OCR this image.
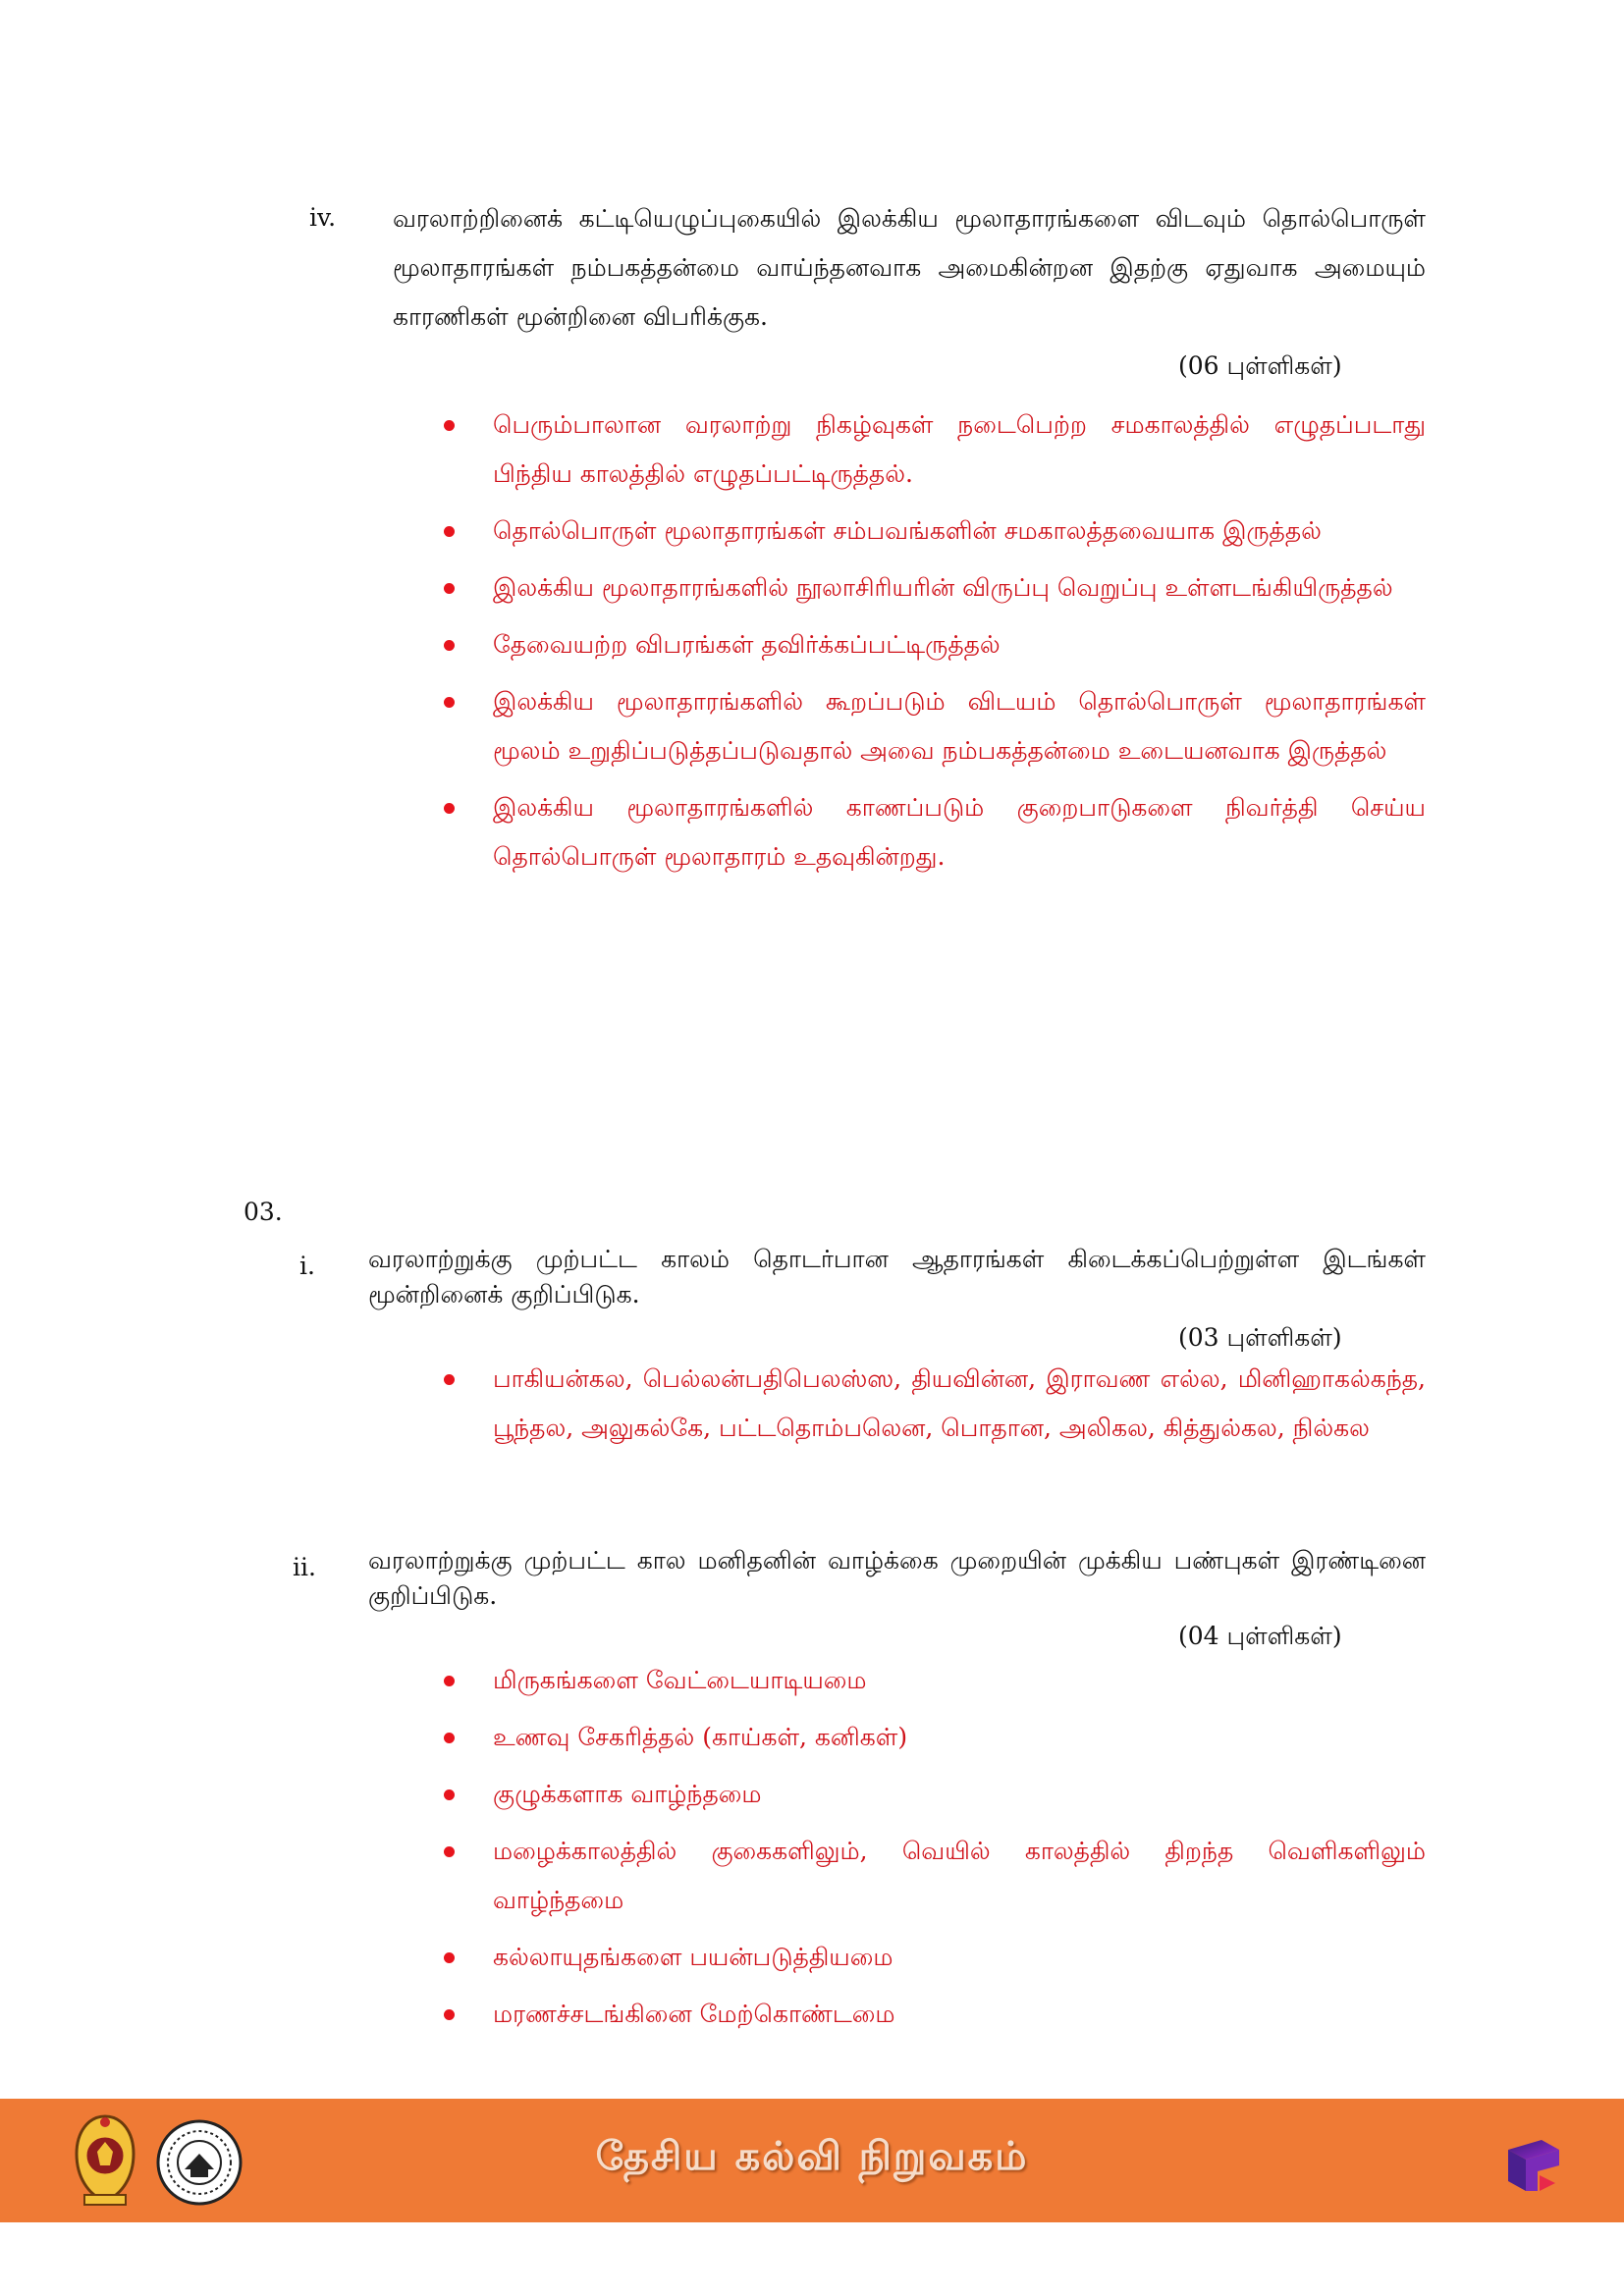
iv. வரலாற்றினைக் கட்டியெழுப்புகையில் இலக்கிய மூலாதாரங்களை விடவும் தொல்பொருள் மூலாதாரங்கள் நம்பகத்தன்மை வாய்ந்தனவாக அமைகின்றன இதற்கு ஏதுவாக அமையும் காரணிகள் மூன்றினை விபரிக்குக.
(06 புள்ளிகள்)
பெரும்பாலான வரலாற்று நிகழ்வுகள் நடைபெற்ற சமகாலத்தில் எழுதப்படாது பிந்திய காலத்தில் எழுதப்பட்டிருத்தல்.
தொல்பொருள் மூலாதாரங்கள் சம்பவங்களின் சமகாலத்தவையாக இருத்தல்
இலக்கிய மூலாதாரங்களில் நூலாசிரியரின் விருப்பு வெறுப்பு உள்ளடங்கியிருத்தல்
தேவையற்ற விபரங்கள் தவிர்க்கப்பட்டிருத்தல்
இலக்கிய மூலாதாரங்களில் கூறப்படும் விடயம் தொல்பொருள் மூலாதாரங்கள் மூலம் உறுதிப்படுத்தப்படுவதால் அவை நம்பகத்தன்மை உடையனவாக இருத்தல்
இலக்கிய மூலாதாரங்களில் காணப்படும் குறைபாடுகளை நிவர்த்தி செய்ய தொல்பொருள் மூலாதாரம் உதவுகின்றது.
03.
i. வரலாற்றுக்கு முற்பட்ட காலம் தொடர்பான ஆதாரங்கள் கிடைக்கப்பெற்றுள்ள இடங்கள் மூன்றினைக் குறிப்பிடுக.
(03 புள்ளிகள்)
பாகியன்கல, பெல்லன்பதிபெலஸ்ஸ, தியவின்ன, இராவண எல்ல, மினிஹாகல்கந்த, பூந்தல, அலுகல்கே, பட்டதொம்பலென, பொதான, அலிகல, கித்துல்கல, நில்கல
ii. வரலாற்றுக்கு முற்பட்ட கால மனிதனின் வாழ்க்கை முறையின் முக்கிய பண்புகள் இரண்டினை குறிப்பிடுக.
(04 புள்ளிகள்)
மிருகங்களை வேட்டையாடியமை
உணவு சேகரித்தல் (காய்கள், கனிகள்)
குழுக்களாக வாழ்ந்தமை
மழைக்காலத்தில் குகைகளிலும், வெயில் காலத்தில் திறந்த வெளிகளிலும் வாழ்ந்தமை
கல்லாயுதங்களை பயன்படுத்தியமை
மரணச்சடங்கினை மேற்கொண்டமை
தேசிய கல்வி நிறுவகம்
